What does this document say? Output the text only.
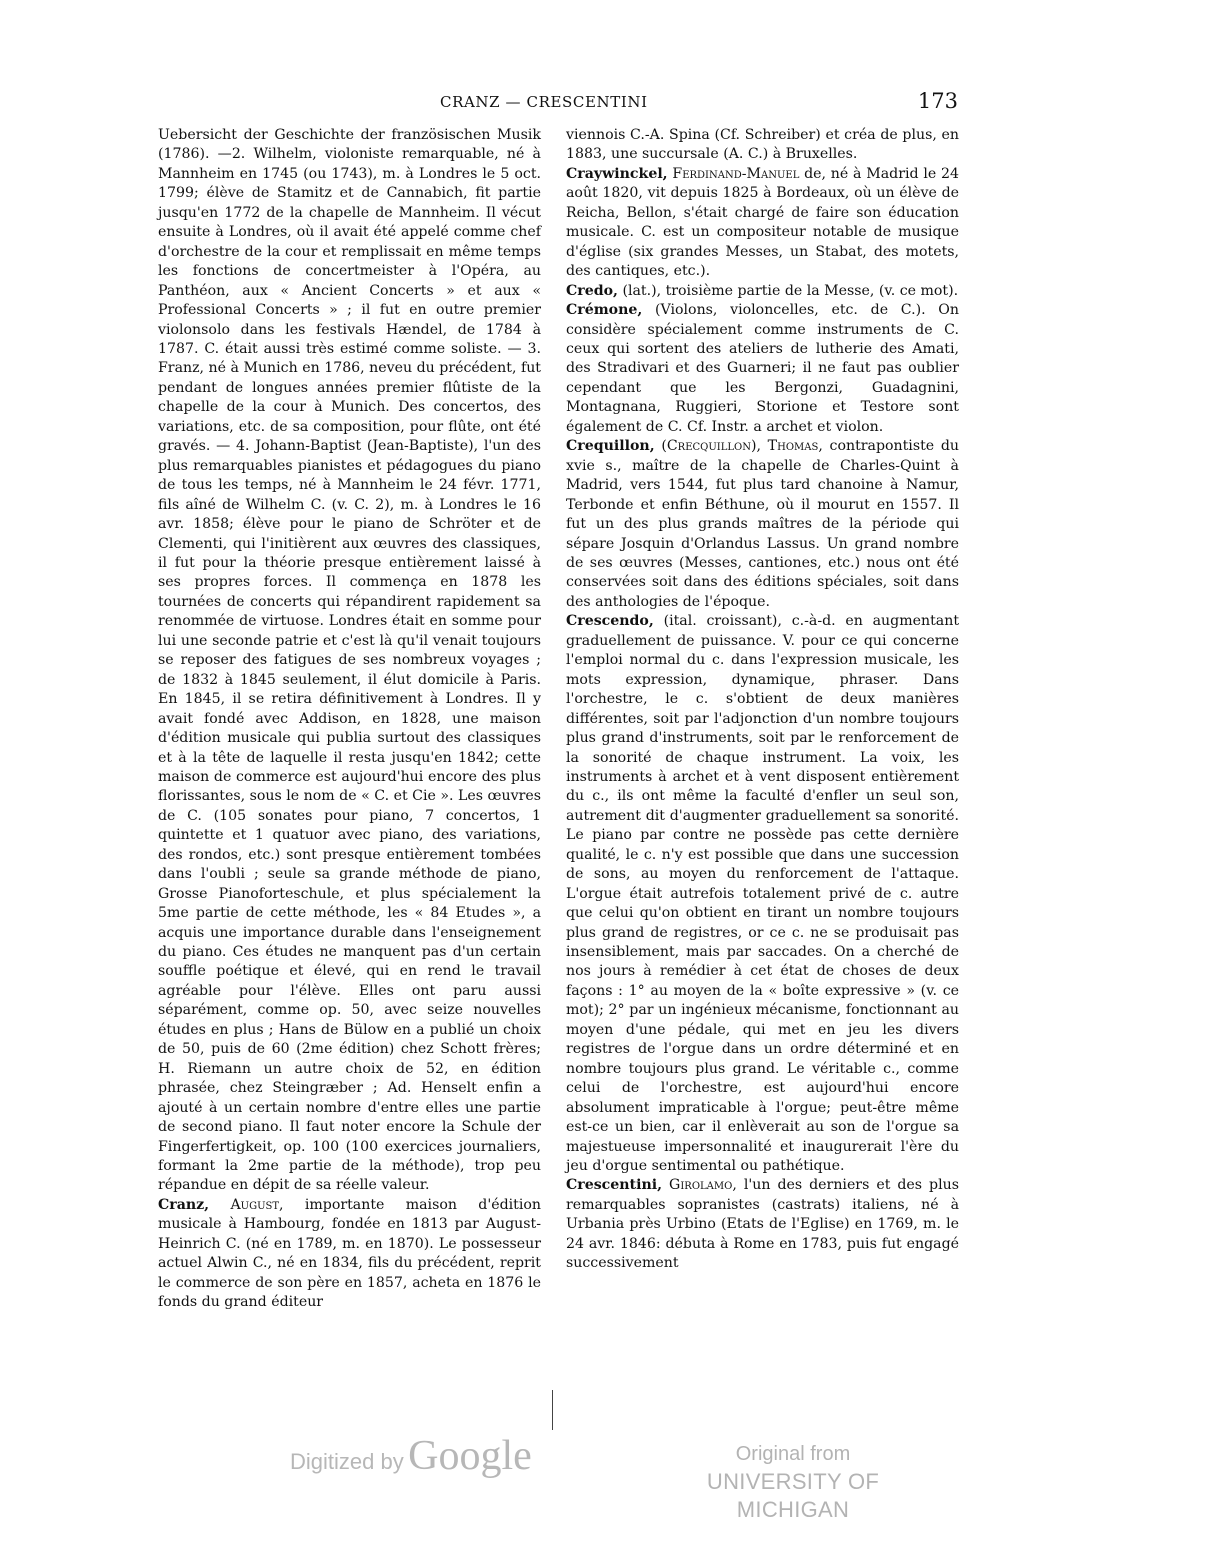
CRANZ — CRESCENTINI	173

Uebersicht der Geschichte der französischen Musik (1786). —2. Wilhelm, violoniste remarquable, né à Mannheim en 1745 (ou 1743), m. à Londres le 5 oct. 1799; élève de Stamitz et de Cannabich, fit partie jusqu'en 1772 de la chapelle de Mannheim. Il vécut ensuite à Londres, où il avait été appelé comme chef d'orchestre de la cour et remplissait en même temps les fonctions de concertmeister à l'Opéra, au Panthéon, aux « Ancient Concerts » et aux « Professional Concerts » ; il fut en outre premier violonsolo dans les festivals Hændel, de 1784 à 1787. C. était aussi très estimé comme soliste. — 3. Franz, né à Munich en 1786, neveu du précédent, fut pendant de longues années premier flûtiste de la chapelle de la cour à Munich. Des concertos, des variations, etc. de sa composition, pour flûte, ont été gravés. — 4. Johann-Baptist (Jean-Baptiste), l'un des plus remarquables pianistes et pédagogues du piano de tous les temps, né à Mannheim le 24 févr. 1771, fils aîné de Wilhelm C. (v. C. 2), m. à Londres le 16 avr. 1858; élève pour le piano de Schröter et de Clementi, qui l'initièrent aux œuvres des classiques, il fut pour la théorie presque entièrement laissé à ses propres forces. Il commença en 1878 les tournées de concerts qui répandirent rapidement sa renommée de virtuose. Londres était en somme pour lui une seconde patrie et c'est là qu'il venait toujours se reposer des fatigues de ses nombreux voyages ; de 1832 à 1845 seulement, il élut domicile à Paris. En 1845, il se retira définitivement à Londres. Il y avait fondé avec Addison, en 1828, une maison d'édition musicale qui publia surtout des classiques et à la tête de laquelle il resta jusqu'en 1842; cette maison de commerce est aujourd'hui encore des plus florissantes, sous le nom de « C. et Cie ». Les œuvres de C. (105 sonates pour piano, 7 concertos, 1 quintette et 1 quatuor avec piano, des variations, des rondos, etc.) sont presque entièrement tombées dans l'oubli ; seule sa grande méthode de piano, Grosse Pianoforteschule, et plus spécialement la 5me partie de cette méthode, les « 84 Etudes », a acquis une importance durable dans l'enseignement du piano. Ces études ne manquent pas d'un certain souffle poétique et élevé, qui en rend le travail agréable pour l'élève. Elles ont paru aussi séparément, comme op. 50, avec seize nouvelles études en plus ; Hans de Bülow en a publié un choix de 50, puis de 60 (2me édition) chez Schott frères; H. Riemann un autre choix de 52, en édition phrasée, chez Steingræber ; Ad. Henselt enfin a ajouté à un certain nombre d'entre elles une partie de second piano. Il faut noter encore la Schule der Fingerfertigkeit, op. 100 (100 exercices journaliers, formant la 2me partie de la méthode), trop peu répandue en dépit de sa réelle valeur.

Cranz, August, importante maison d'édition musicale à Hambourg, fondée en 1813 par August-Heinrich C. (né en 1789, m. en 1870). Le possesseur actuel Alwin C., né en 1834, fils du précédent, reprit le commerce de son père en 1857, acheta en 1876 le fonds du grand éditeur

viennois C.-A. Spina (Cf. Schreiber) et créa de plus, en 1883, une succursale (A. C.) à Bruxelles.

Craywinckel, Ferdinand-Manuel de, né à Madrid le 24 août 1820, vit depuis 1825 à Bordeaux, où un élève de Reicha, Bellon, s'était chargé de faire son éducation musicale. C. est un compositeur notable de musique d'église (six grandes Messes, un Stabat, des motets, des cantiques, etc.).

Credo, (lat.), troisième partie de la Messe, (v. ce mot).

Crémone, (Violons, violoncelles, etc. de C.). On considère spécialement comme instruments de C. ceux qui sortent des ateliers de lutherie des Amati, des Stradivari et des Guarneri; il ne faut pas oublier cependant que les Bergonzi, Guadagnini, Montagnana, Ruggieri, Storione et Testore sont également de C. Cf. Instr. a archet et violon.

Crequillon, (Crecquillon), Thomas, contrapontiste du xvie s., maître de la chapelle de Charles-Quint à Madrid, vers 1544, fut plus tard chanoine à Namur, Terbonde et enfin Béthune, où il mourut en 1557. Il fut un des plus grands maîtres de la période qui sépare Josquin d'Orlandus Lassus. Un grand nombre de ses œuvres (Messes, cantiones, etc.) nous ont été conservées soit dans des éditions spéciales, soit dans des anthologies de l'époque.

Crescendo, (ital. croissant), c.-à-d. en augmentant graduellement de puissance. V. pour ce qui concerne l'emploi normal du c. dans l'expression musicale, les mots expression, dynamique, phraser. Dans l'orchestre, le c. s'obtient de deux manières différentes, soit par l'adjonction d'un nombre toujours plus grand d'instruments, soit par le renforcement de la sonorité de chaque instrument. La voix, les instruments à archet et à vent disposent entièrement du c., ils ont même la faculté d'enfler un seul son, autrement dit d'augmenter graduellement sa sonorité. Le piano par contre ne possède pas cette dernière qualité, le c. n'y est possible que dans une succession de sons, au moyen du renforcement de l'attaque. L'orgue était autrefois totalement privé de c. autre que celui qu'on obtient en tirant un nombre toujours plus grand de registres, or ce c. ne se produisait pas insensiblement, mais par saccades. On a cherché de nos jours à remédier à cet état de choses de deux façons : 1° au moyen de la « boîte expressive » (v. ce mot); 2° par un ingénieux mécanisme, fonctionnant au moyen d'une pédale, qui met en jeu les divers registres de l'orgue dans un ordre déterminé et en nombre toujours plus grand. Le véritable c., comme celui de l'orchestre, est aujourd'hui encore absolument impraticable à l'orgue; peut-être même est-ce un bien, car il enlèverait au son de l'orgue sa majestueuse impersonnalité et inaugurerait l'ère du jeu d'orgue sentimental ou pathétique.

Crescentini, Girolamo, l'un des derniers et des plus remarquables sopranistes (castrats) italiens, né à Urbania près Urbino (Etats de l'Eglise) en 1769, m. le 24 avr. 1846: débuta à Rome en 1783, puis fut engagé successivement

Digitized by Google	Original from
UNIVERSITY OF MICHIGAN
